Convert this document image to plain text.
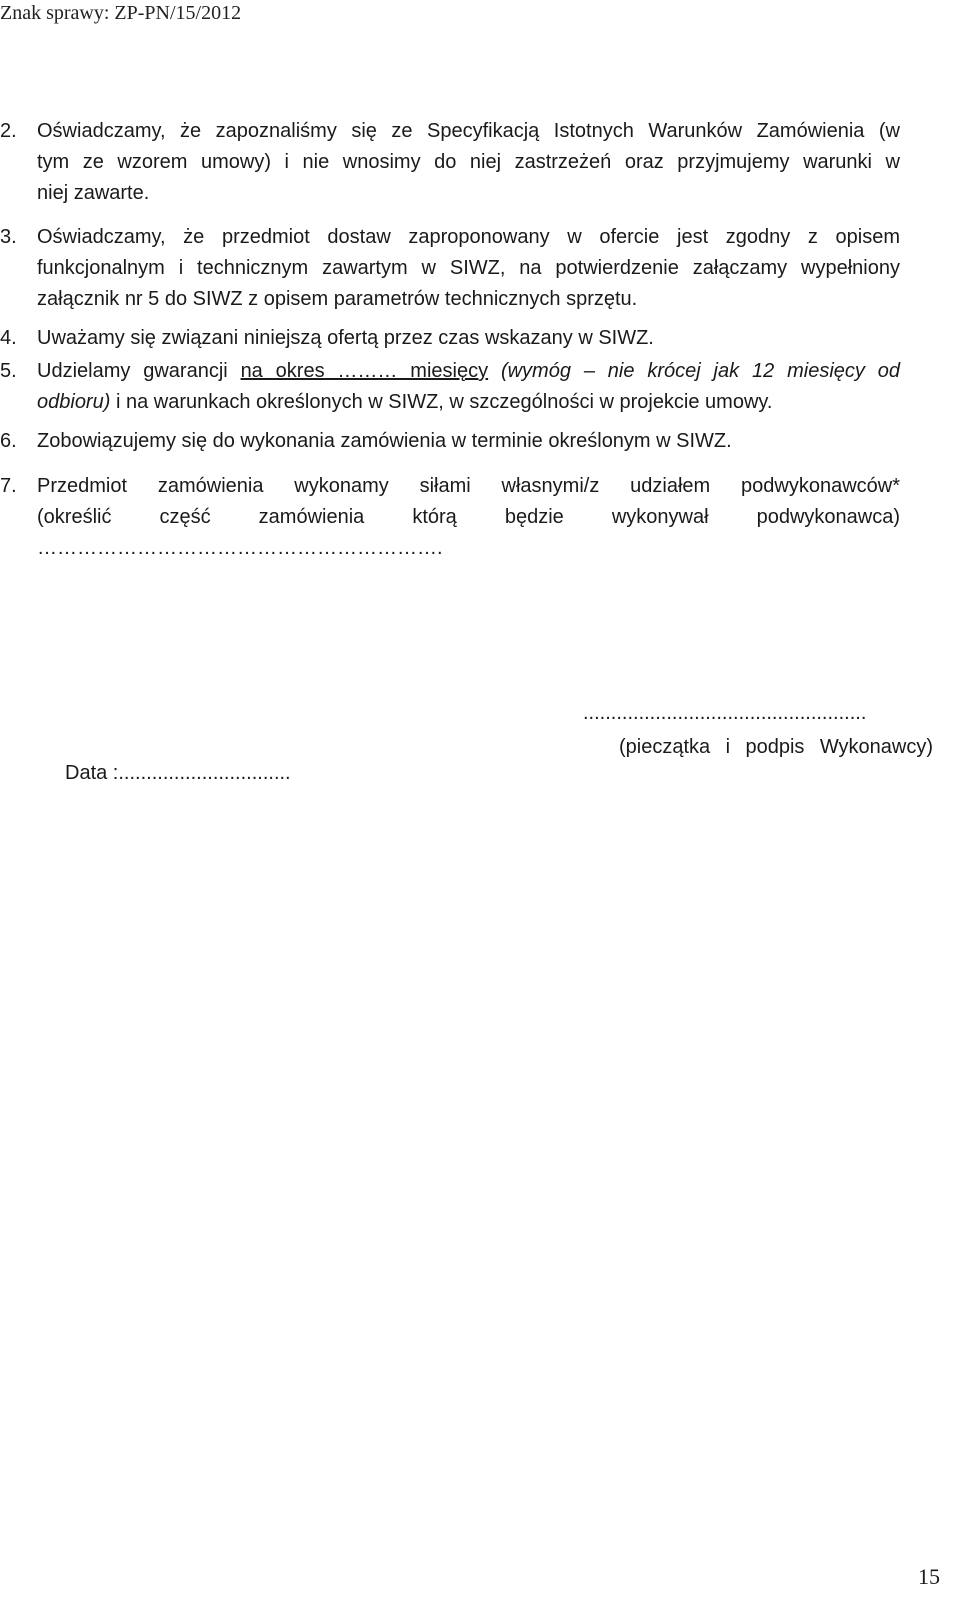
Znak sprawy: ZP-PN/15/2012
2. Oświadczamy, że zapoznaliśmy się ze Specyfikacją Istotnych Warunków Zamówienia (w
tym ze wzorem umowy) i nie wnosimy do niej zastrzeżeń oraz przyjmujemy warunki w
niej zawarte.
3. Oświadczamy, że przedmiot dostaw zaproponowany w ofercie jest zgodny z opisem
funkcjonalnym i technicznym zawartym w SIWZ, na potwierdzenie załączamy wypełniony
załącznik nr 5 do SIWZ z opisem parametrów technicznych sprzętu.
4. Uważamy się związani niniejszą ofertą przez czas wskazany w SIWZ.
5. Udzielamy gwarancji na okres ……… miesięcy (wymóg – nie krócej jak 12 miesięcy od
odbioru) i na warunkach określonych w SIWZ, w szczególności w projekcie umowy.
6. Zobowiązujemy się do wykonania zamówienia w terminie określonym w SIWZ.
7. Przedmiot zamówienia wykonamy siłami własnymi/z udziałem podwykonawców*
(określić część zamówienia którą będzie wykonywał podwykonawca)
…………………………………………………….
...................................................
(pieczątka i podpis Wykonawcy)
Data :...............................
15
